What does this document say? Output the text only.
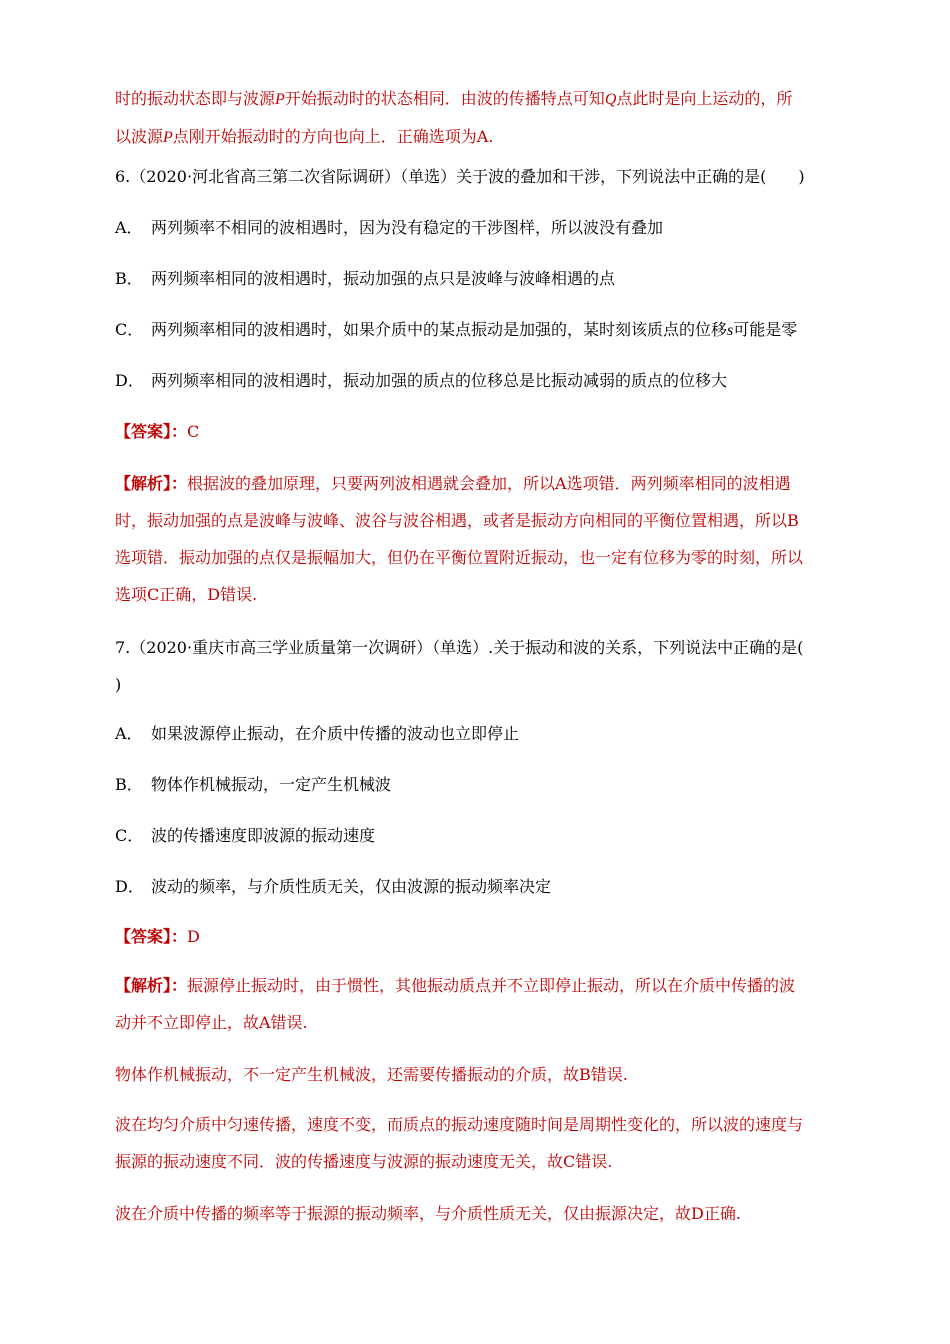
时的振动状态即与波源P开始振动时的状态相同．由波的传播特点可知Q点此时是向上运动的，所
以波源P点刚开始振动时的方向也向上．正确选项为A.
6.（2020·河北省高三第二次省际调研）（单选）关于波的叠加和干涉，下列说法中正确的是(　　)
A． 两列频率不相同的波相遇时，因为没有稳定的干涉图样，所以波没有叠加
B． 两列频率相同的波相遇时，振动加强的点只是波峰与波峰相遇的点
C． 两列频率相同的波相遇时，如果介质中的某点振动是加强的，某时刻该质点的位移s可能是零
D． 两列频率相同的波相遇时，振动加强的质点的位移总是比振动减弱的质点的位移大
【答案】：C
【解析】：根据波的叠加原理，只要两列波相遇就会叠加，所以A选项错．两列频率相同的波相遇
时，振动加强的点是波峰与波峰、波谷与波谷相遇，或者是振动方向相同的平衡位置相遇，所以B
选项错．振动加强的点仅是振幅加大，但仍在平衡位置附近振动，也一定有位移为零的时刻，所以
选项C正确，D错误.
7.（2020·重庆市高三学业质量第一次调研）（单选）.关于振动和波的关系，下列说法中正确的是(
)
A． 如果波源停止振动，在介质中传播的波动也立即停止
B． 物体作机械振动，一定产生机械波
C． 波的传播速度即波源的振动速度
D． 波动的频率，与介质性质无关，仅由波源的振动频率决定
【答案】：D
【解析】：振源停止振动时，由于惯性，其他振动质点并不立即停止振动，所以在介质中传播的波
动并不立即停止，故A错误.
物体作机械振动，不一定产生机械波，还需要传播振动的介质，故B错误.
波在均匀介质中匀速传播，速度不变，而质点的振动速度随时间是周期性变化的，所以波的速度与
振源的振动速度不同．波的传播速度与波源的振动速度无关，故C错误.
波在介质中传播的频率等于振源的振动频率，与介质性质无关，仅由振源决定，故D正确.
